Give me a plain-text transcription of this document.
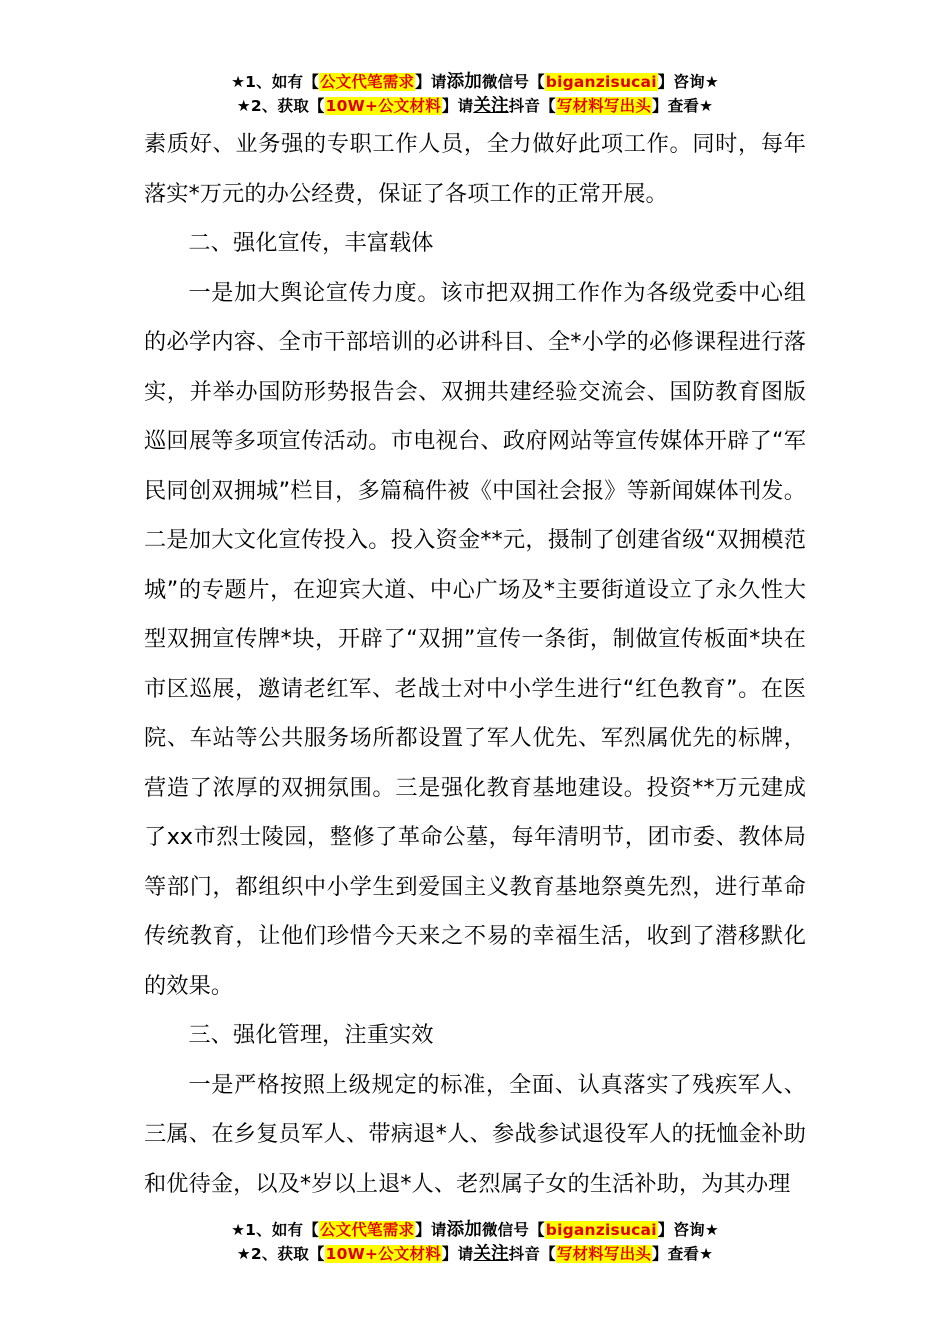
★1、如有【公文代笔需求】请添加微信号【biganzisucai】咨询★
★2、获取【10W+公文材料】请关注抖音【写材料写出头】查看★

素质好、业务强的专职工作人员，全力做好此项工作。同时，每年落实*万元的办公经费，保证了各项工作的正常开展。

二、强化宣传，丰富载体

一是加大舆论宣传力度。该市把双拥工作作为各级党委中心组的必学内容、全市干部培训的必讲科目、全*小学的必修课程进行落实，并举办国防形势报告会、双拥共建经验交流会、国防教育图版巡回展等多项宣传活动。市电视台、政府网站等宣传媒体开辟了“军民同创双拥城”栏目，多篇稿件被《中国社会报》等新闻媒体刊发。二是加大文化宣传投入。投入资金**元，摄制了创建省级“双拥模范城”的专题片，在迎宾大道、中心广场及*主要街道设立了永久性大型双拥宣传牌*块，开辟了“双拥”宣传一条街，制做宣传板面*块在市区巡展，邀请老红军、老战士对中小学生进行“红色教育”。在医院、车站等公共服务场所都设置了军人优先、军烈属优先的标牌，营造了浓厚的双拥氛围。三是强化教育基地建设。投资**万元建成了xx市烈士陵园，整修了革命公墓，每年清明节，团市委、教体局等部门，都组织中小学生到爱国主义教育基地祭奠先烈，进行革命传统教育，让他们珍惜今天来之不易的幸福生活，收到了潜移默化的效果。

三、强化管理，注重实效

一是严格按照上级规定的标准，全面、认真落实了残疾军人、三属、在乡复员军人、带病退*人、参战参试退役军人的抚恤金补助和优待金，以及*岁以上退*人、老烈属子女的生活补助，为其办理

★1、如有【公文代笔需求】请添加微信号【biganzisucai】咨询★
★2、获取【10W+公文材料】请关注抖音【写材料写出头】查看★
